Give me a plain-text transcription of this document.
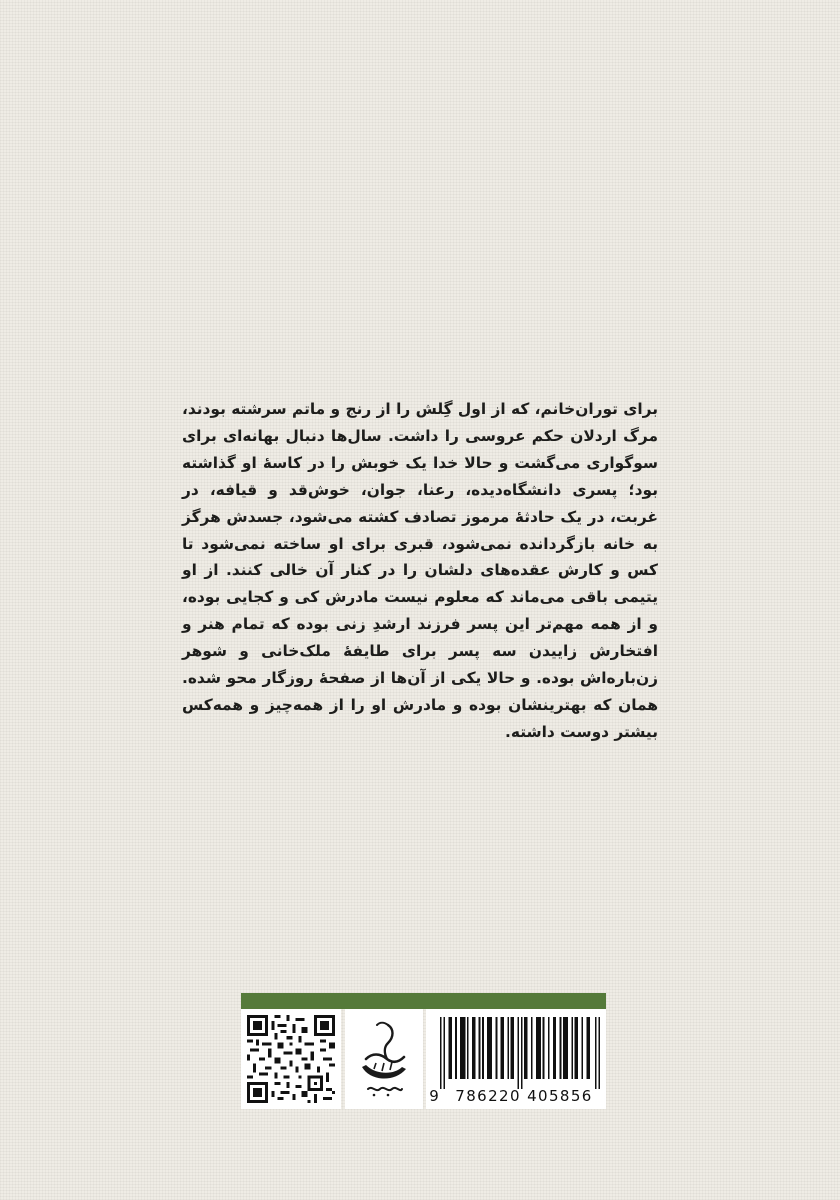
برای توران‌خانم، که از اول گِلش را از رنج و ماتم سرشته بودند، مرگ اردلان حکم عروسی را داشت. سال‌ها دنبال بهانه‌ای برای سوگواری می‌گشت و حالا خدا یک خوبش را در کاسهٔ او گذاشته بود؛ پسری دانشگاه‌دیده، رعنا، جوان، خوش‌قد و قیافه، در غربت، در یک حادثهٔ مرموز تصادف کشته می‌شود، جسدش هرگز به خانه بازگردانده نمی‌شود، قبری برای او ساخته نمی‌شود تا کس و کارش عقده‌های دلشان را در کنار آن خالی کنند. از او یتیمی باقی می‌ماند که معلوم نیست مادرش کی و کجایی بوده، و از همه مهم‌تر این پسر فرزند ارشدِ زنی بوده که تمام هنر و افتخارش زاییدن سه پسر برای طایفهٔ ملک‌خانی و شوهر زن‌باره‌اش بوده. و حالا یکی از آن‌ها از صفحهٔ روزگار محو شده. همان که بهترینشان بوده و مادرش او را از همه‌چیز و همه‌کس بیشتر دوست داشته.

9	786220 405856
